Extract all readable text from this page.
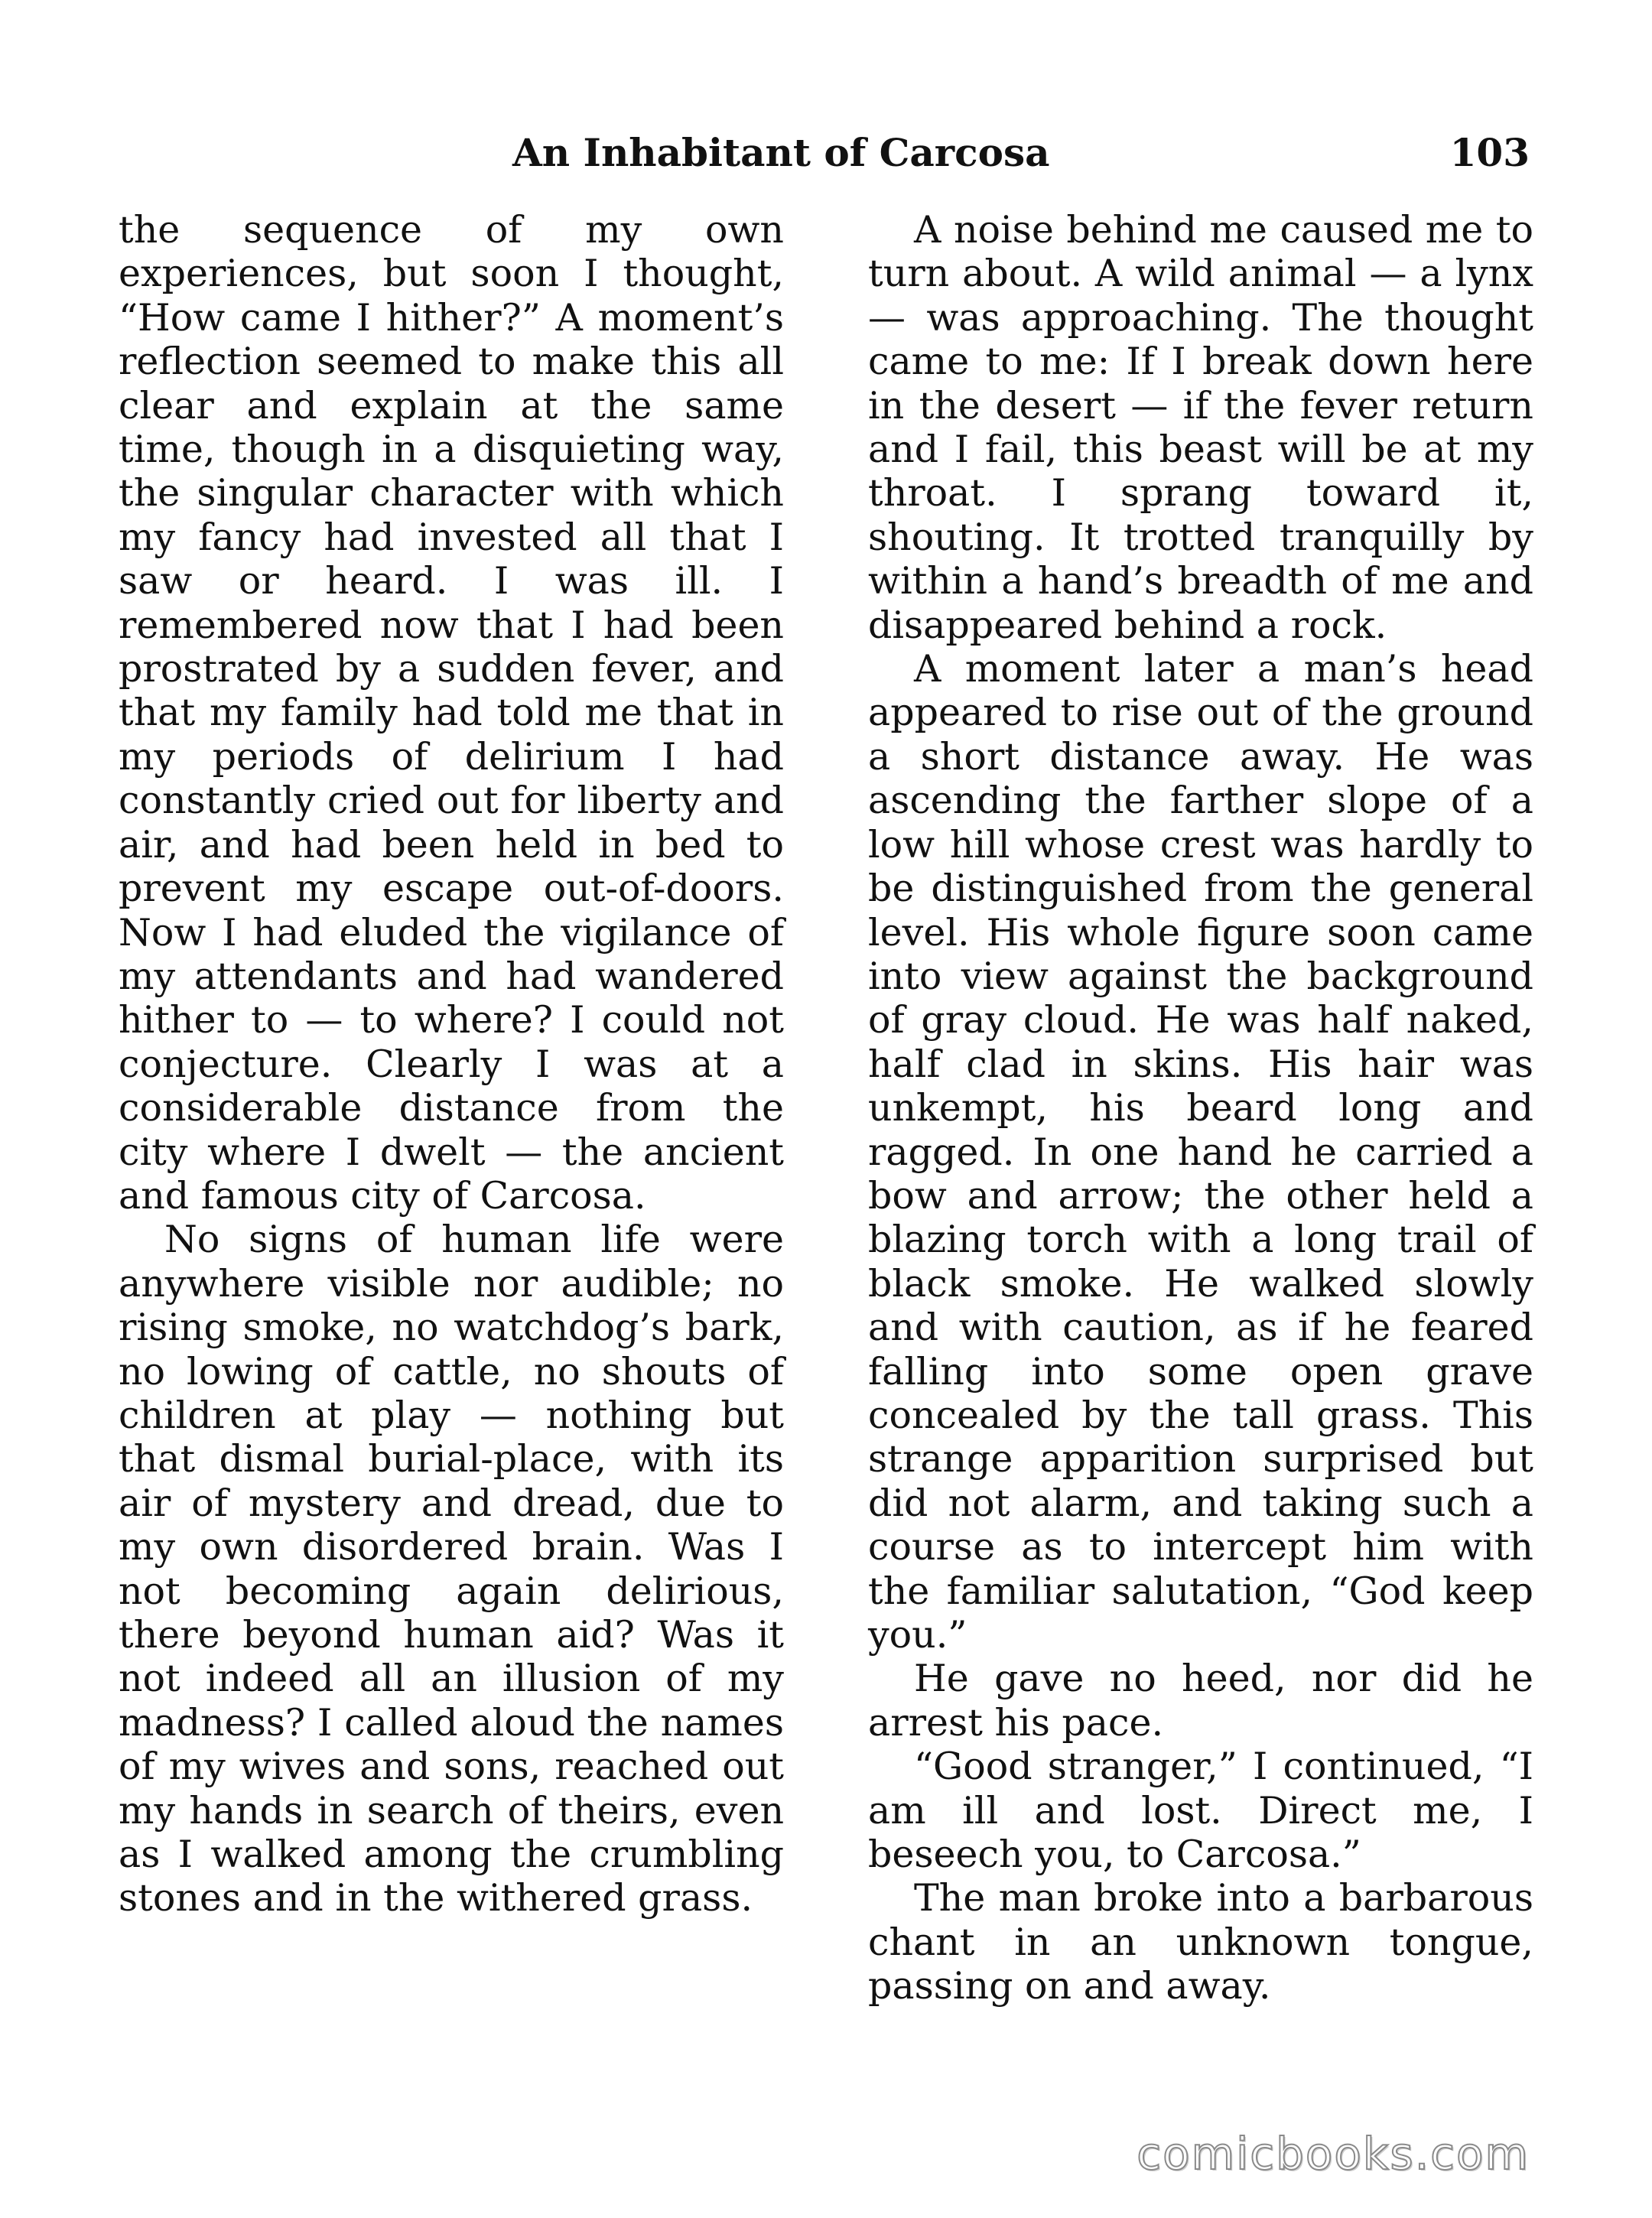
An Inhabitant of Carcosa	103

the sequence of my own experiences, but soon I thought, “How came I hither?” A moment’s reflection seemed to make this all clear and explain at the same time, though in a disquieting way, the singular character with which my fancy had invested all that I saw or heard. I was ill. I remembered now that I had been prostrated by a sudden fever, and that my family had told me that in my periods of delirium I had constantly cried out for liberty and air, and had been held in bed to prevent my escape out-of-doors. Now I had eluded the vigilance of my attendants and had wandered hither to — to where? I could not conjecture. Clearly I was at a considerable distance from the city where I dwelt — the ancient and famous city of Carcosa.

No signs of human life were anywhere visible nor audible; no rising smoke, no watchdog’s bark, no lowing of cattle, no shouts of children at play — nothing but that dismal burial-place, with its air of mystery and dread, due to my own disordered brain. Was I not becoming again delirious, there beyond human aid? Was it not indeed all an illusion of my madness? I called aloud the names of my wives and sons, reached out my hands in search of theirs, even as I walked among the crumbling stones and in the withered grass.

A noise behind me caused me to turn about. A wild animal — a lynx — was approaching. The thought came to me: If I break down here in the desert — if the fever return and I fail, this beast will be at my throat. I sprang toward it, shouting. It trotted tranquilly by within a hand’s breadth of me and disappeared behind a rock.

A moment later a man’s head appeared to rise out of the ground a short distance away. He was ascending the farther slope of a low hill whose crest was hardly to be distinguished from the general level. His whole figure soon came into view against the background of gray cloud. He was half naked, half clad in skins. His hair was unkempt, his beard long and ragged. In one hand he carried a bow and arrow; the other held a blazing torch with a long trail of black smoke. He walked slowly and with caution, as if he feared falling into some open grave concealed by the tall grass. This strange apparition surprised but did not alarm, and taking such a course as to intercept him with the familiar salutation, “God keep you.”

He gave no heed, nor did he arrest his pace.

“Good stranger,” I continued, “I am ill and lost. Direct me, I beseech you, to Carcosa.”

The man broke into a barbarous chant in an unknown tongue, passing on and away.

comicbooks.com
